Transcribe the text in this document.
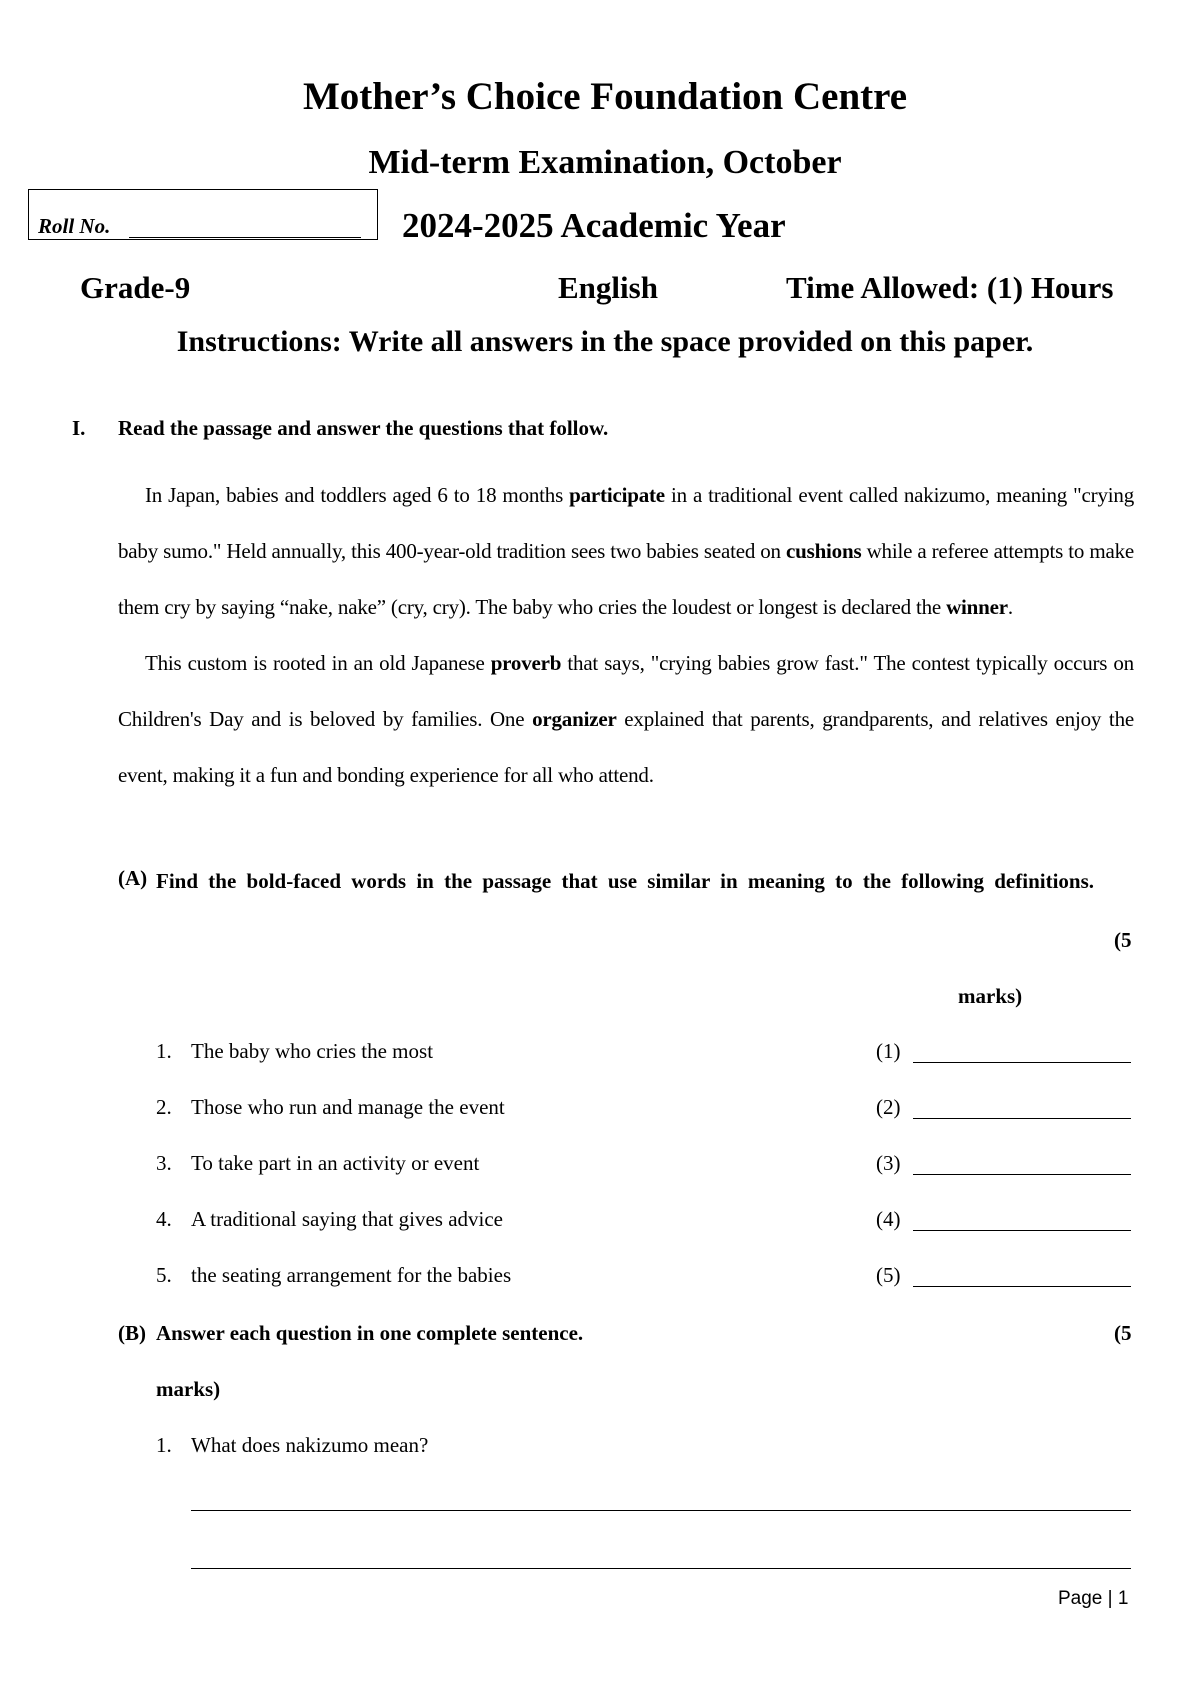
Mother’s Choice Foundation Centre
Mid-term Examination, October
Roll No.	2024-2025 Academic Year
Grade-9	English	Time Allowed: (1) Hours
Instructions: Write all answers in the space provided on this paper.
I. Read the passage and answer the questions that follow.

In Japan, babies and toddlers aged 6 to 18 months participate in a traditional event called nakizumo, meaning "crying baby sumo." Held annually, this 400-year-old tradition sees two babies seated on cushions while a referee attempts to make them cry by saying “nake, nake” (cry, cry). The baby who cries the loudest or longest is declared the winner.

This custom is rooted in an old Japanese proverb that says, "crying babies grow fast." The contest typically occurs on Children's Day and is beloved by families. One organizer explained that parents, grandparents, and relatives enjoy the event, making it a fun and bonding experience for all who attend.

(A) Find the bold-faced words in the passage that use similar in meaning to the following definitions.

(5
marks)
1. The baby who cries the most	(1)
2. Those who run and manage the event	(2)
3. To take part in an activity or event	(3)
4. A traditional saying that gives advice	(4)
5. the seating arrangement for the babies	(5)
(B) Answer each question in one complete sentence.	(5
marks)
1. What does nakizumo mean?
Page | 1
